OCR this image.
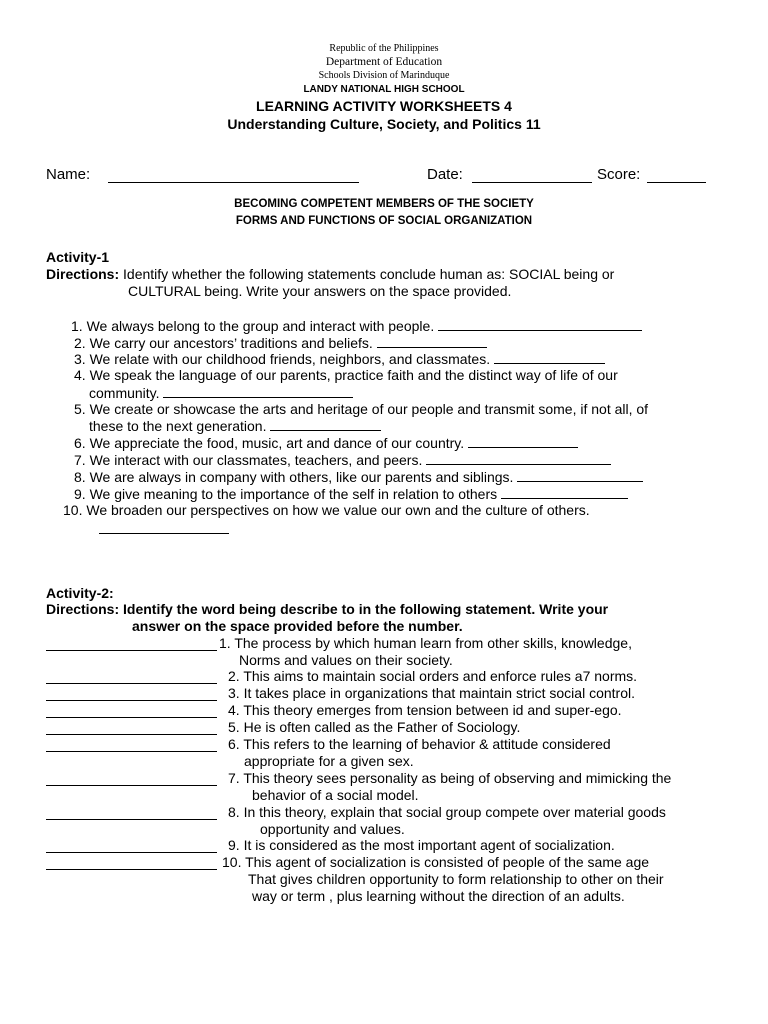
Republic of the Philippines
Department of Education
Schools Division of Marinduque
LANDY NATIONAL HIGH SCHOOL
LEARNING ACTIVITY WORKSHEETS 4
Understanding Culture, Society, and Politics 11
Name:	Date:	Score:
BECOMING COMPETENT MEMBERS OF THE SOCIETY
FORMS AND FUNCTIONS OF SOCIAL ORGANIZATION
Activity-1
Directions: Identify whether the following statements conclude human as: SOCIAL being or
CULTURAL being. Write your answers on the space provided.
1. We always belong to the group and interact with people.
2. We carry our ancestors’ traditions and beliefs.
3. We relate with our childhood friends, neighbors, and classmates.
4. We speak the language of our parents, practice faith and the distinct way of life of our
community.
5. We create or showcase the arts and heritage of our people and transmit some, if not all, of
these to the next generation.
6. We appreciate the food, music, art and dance of our country.
7. We interact with our classmates, teachers, and peers.
8. We are always in company with others, like our parents and siblings.
9. We give meaning to the importance of the self in relation to others
10. We broaden our perspectives on how we value our own and the culture of others.
Activity-2:
Directions: Identify the word being describe to in the following statement. Write your
answer on the space provided before the number.
1. The process by which human learn from other skills, knowledge,
Norms and values on their society.
2. This aims to maintain social orders and enforce rules a7 norms.
3. It takes place in organizations that maintain strict social control.
4. This theory emerges from tension between id and super-ego.
5. He is often called as the Father of Sociology.
6. This refers to the learning of behavior & attitude considered
appropriate for a given sex.
7. This theory sees personality as being of observing and mimicking the
behavior of a social model.
8. In this theory, explain that social group compete over material goods
opportunity and values.
9. It is considered as the most important agent of socialization.
10. This agent of socialization is consisted of people of the same age
That gives children opportunity to form relationship to other on their
way or term , plus learning without the direction of an adults.
